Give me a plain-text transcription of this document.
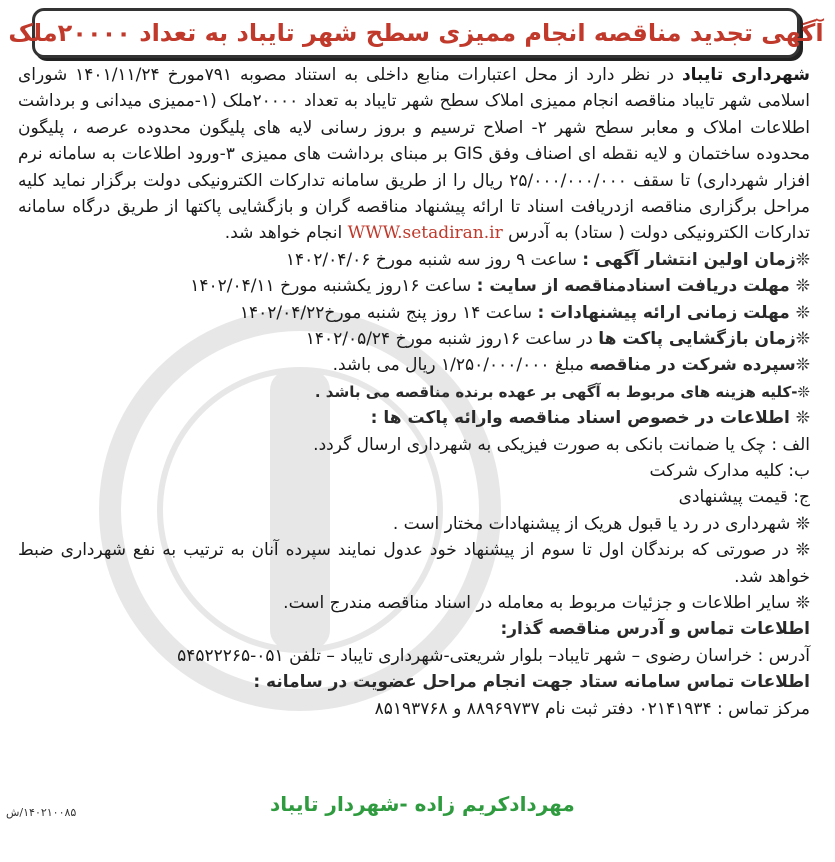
آگهی تجدید مناقصه انجام ممیزی سطح شهر تایباد به تعداد ۲۰۰۰۰ملک

شهرداری تایباد در نظر دارد از محل اعتبارات منابع داخلی به استناد مصوبه ۷۹۱مورخ ۱۴۰۱/۱۱/۲۴ شورای اسلامی شهر تایباد مناقصه انجام ممیزی املاک سطح شهر تایباد به تعداد ۲۰۰۰۰ملک (۱-ممیزی میدانی و برداشت اطلاعات املاک و معابر سطح شهر ۲- اصلاح ترسیم و بروز رسانی لایه های پلیگون محدوده عرصه ، پلیگون محدوده ساختمان و لایه نقطه ای اصناف وفق GIS بر مبنای برداشت های ممیزی ۳-ورود اطلاعات به سامانه نرم افزار شهرداری) تا سقف ۲۵/۰۰۰/۰۰۰/۰۰۰ ریال را از طریق سامانه تدارکات الکترونیکی دولت برگزار نماید کلیه مراحل برگزاری مناقصه ازدریافت اسناد تا ارائه پیشنهاد مناقصه گران و بازگشایی پاکتها از طریق درگاه سامانه تدارکات الکترونیکی دولت ( ستاد) به آدرس WWW.setadiran.ir انجام خواهد شد.

❊زمان اولین انتشار آگهی : ساعت ۹ روز سه شنبه مورخ ۱۴۰۲/۰۴/۰۶

❊ مهلت دریافت اسنادمناقصه از سایت : ساعت ۱۶روز یکشنبه مورخ ۱۴۰۲/۰۴/۱۱

❊ مهلت زمانی ارائه پیشنهادات : ساعت ۱۴ روز پنج شنبه مورخ۱۴۰۲/۰۴/۲۲

❊زمان بازگشایی پاکت ها در ساعت ۱۶روز شنبه مورخ ۱۴۰۲/۰۵/۲۴

❊سپرده شرکت در مناقصه مبلغ ۱/۲۵۰/۰۰۰/۰۰۰ ریال می باشد.

❊-کلیه هزینه های مربوط به آگهی بر عهده برنده مناقصه می باشد .

❊ اطلاعات در خصوص اسناد مناقصه وارائه پاکت ها :

الف : چک یا ضمانت بانکی به صورت فیزیکی به شهرداری ارسال گردد.

ب: کلیه مدارک شرکت

ج: قیمت پیشنهادی

❊ شهرداری در رد یا قبول هریک از پیشنهادات مختار است .

❊ در صورتی که برندگان اول تا سوم از پیشنهاد خود عدول نمایند سپرده آنان به ترتیب به نفع شهرداری ضبط خواهد شد.

❊ سایر اطلاعات و جزئیات مربوط به معامله در اسناد مناقصه مندرج است.

اطلاعات تماس و آدرس مناقصه گذار:

آدرس : خراسان رضوی – شهر تایباد– بلوار شریعتی-شهرداری تایباد – تلفن ۰۵۱-۵۴۵۲۲۲۶۵

اطلاعات تماس سامانه ستاد جهت انجام مراحل عضویت در سامانه :

مرکز تماس : ۰۲۱۴۱۹۳۴ دفتر ثبت نام ۸۸۹۶۹۷۳۷ و ۸۵۱۹۳۷۶۸

مهردادکریم زاده -شهردار تایباد
۱۴۰۲۱۰۰۸۵/ش
